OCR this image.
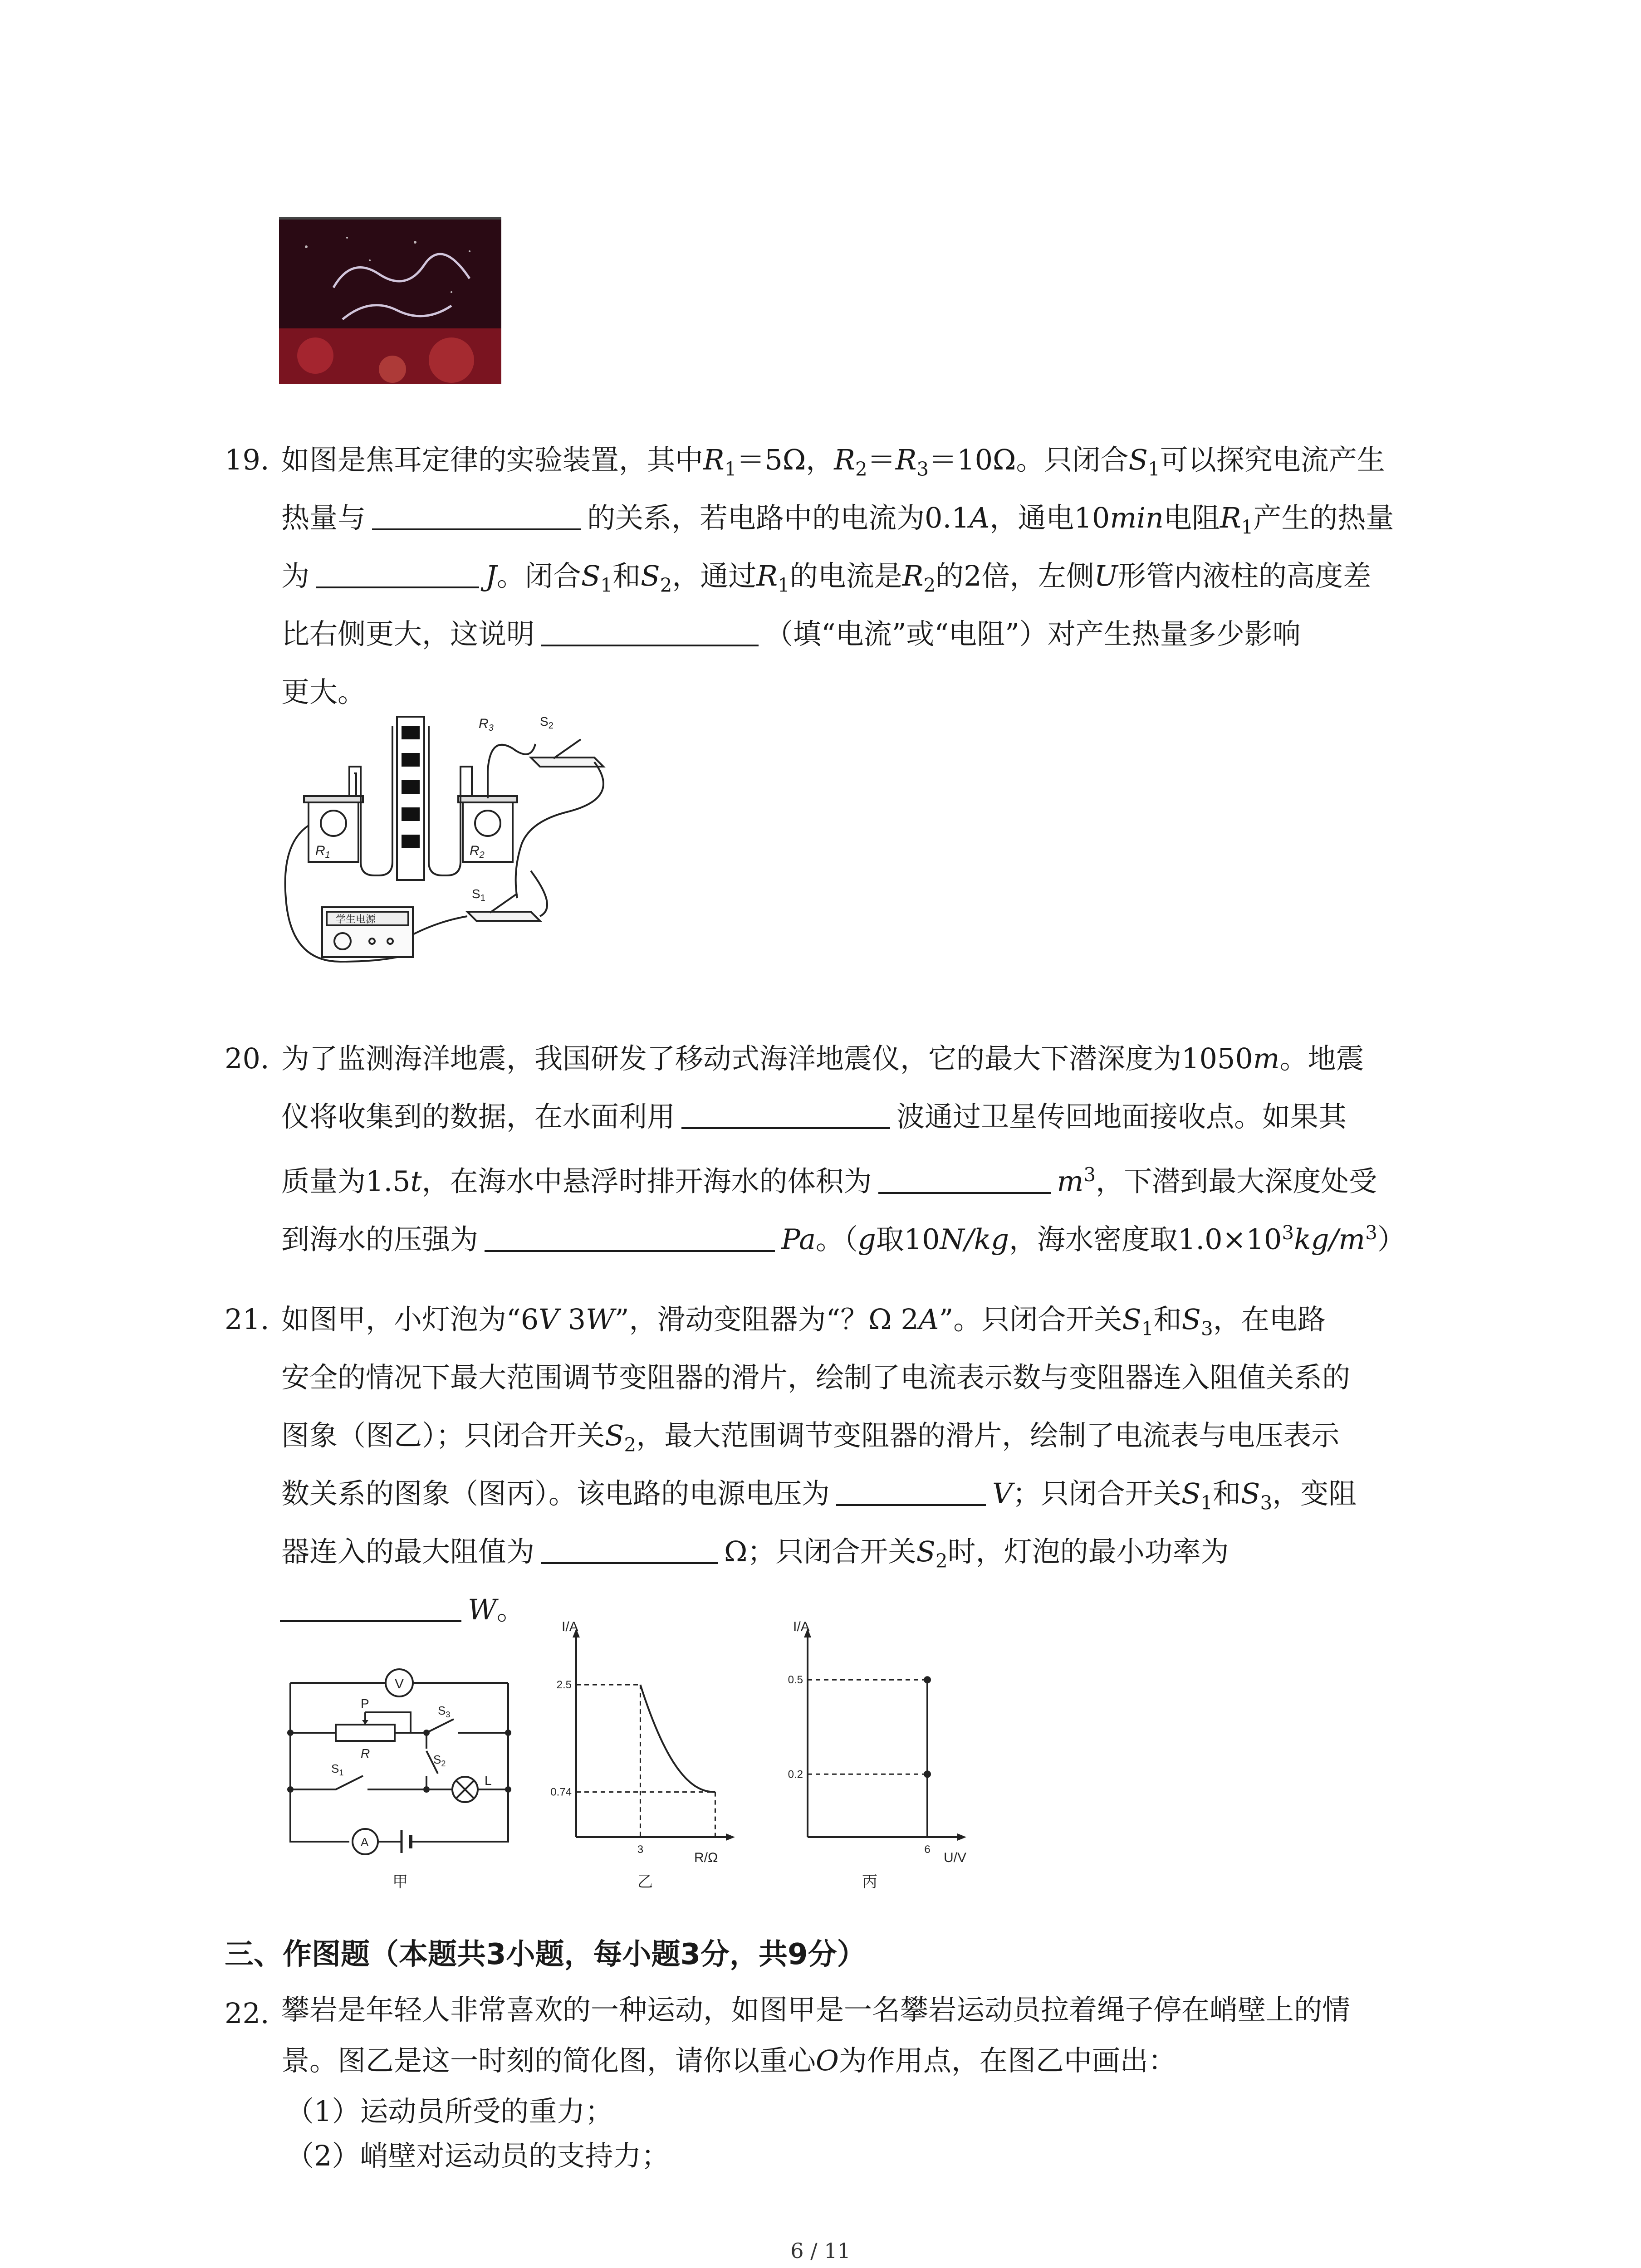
19. 如图是焦耳定律的实验装置，其中$R_1=5\Omega$，$R_2=R_3=10\Omega$。只闭合$S_1$可以探究电流产生
热量与	的关系，若电路中的电流为0.1A，通电10min电阻$R_1$产生的热量
为	J。闭合$S_1$和$S_2$，通过$R_1$的电流是$R_2$的2倍，左侧U形管内液柱的高度差
比右侧更大，这说明	（填“电流”或“电阻”）对产生热量多少影响
更大。
学生电源
$R_1$	$R_2$
$R_3$	$S_2$
$S_1$
20. 为了监测海洋地震，我国研发了移动式海洋地震仪，它的最大下潜深度为1050m。地震
仪将收集到的数据，在水面利用	波通过卫星传回地面接收点。如果其
质量为1.5t，在海水中悬浮时排开海水的体积为	$m^3$，下潜到最大深度处受
到海水的压强为	Pa。（g取10N/kg，海水密度取$1.0\times 10^3kg/m^3$）
21. 如图甲，小灯泡为“6V 3W”，滑动变阻器为“？Ω 2A”。只闭合开关$S_1$和$S_3$，在电路
安全的情况下最大范围调节变阻器的滑片，绘制了电流表示数与变阻器连入阻值关系的
图象（图乙）；只闭合开关$S_2$，最大范围调节变阻器的滑片，绘制了电流表与电压表示
数关系的图象（图丙）。该电路的电源电压为	V；只闭合开关$S_1$和$S_3$，变阻
器连入的最大阻值为	Ω；只闭合开关$S_2$时，灯泡的最小功率为
W。
V
P
R
$S_3$
$S_1$
$S_2$
L
A
甲
I/A
R/Ω
2.5
0.74
3
乙
I/A
U/V
0.5
0.2
6
丙
三、作图题（本题共3小题，每小题3分，共9分）
22. 攀岩是年轻人非常喜欢的一种运动，如图甲是一名攀岩运动员拉着绳子停在峭壁上的情
景。图乙是这一时刻的简化图，请你以重心O为作用点，在图乙中画出：
（1）运动员所受的重力；
（2）峭壁对运动员的支持力；
6 / 11
